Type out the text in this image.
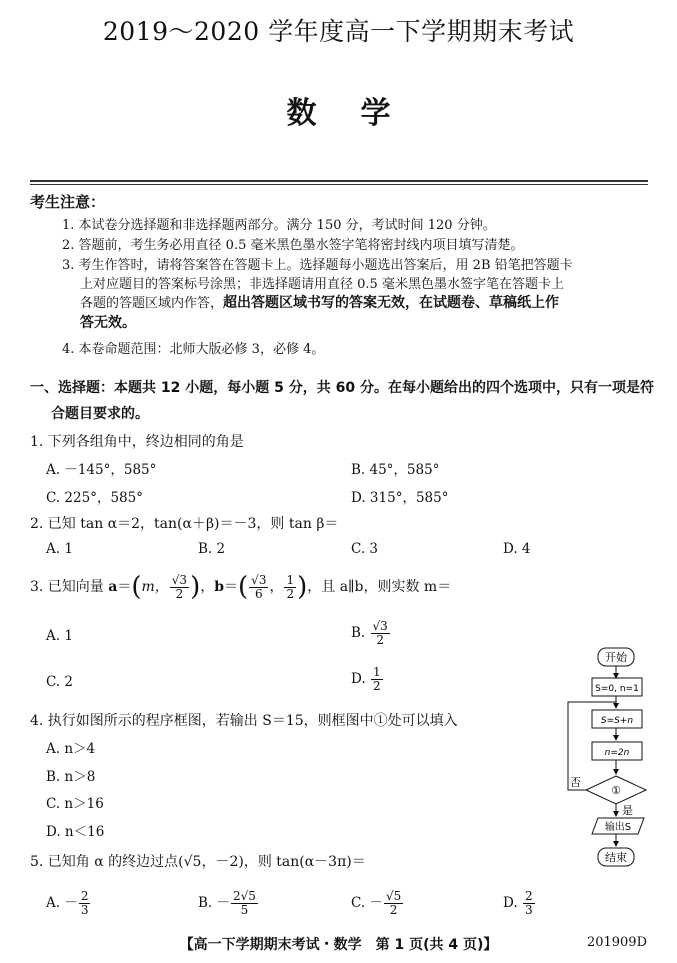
2019～2020 学年度高一下学期期末考试
数学
考生注意：
1. 本试卷分选择题和非选择题两部分。满分 150 分，考试时间 120 分钟。
2. 答题前，考生务必用直径 0.5 毫米黑色墨水签字笔将密封线内项目填写清楚。
3. 考生作答时，请将答案答在答题卡上。选择题每小题选出答案后，用 2B 铅笔把答题卡
上对应题目的答案标号涂黑；非选择题请用直径 0.5 毫米黑色墨水签字笔在答题卡上
各题的答题区域内作答，超出答题区域书写的答案无效，在试题卷、草稿纸上作
答无效。
4. 本卷命题范围：北师大版必修 3，必修 4。
一、选择题：本题共 12 小题，每小题 5 分，共 60 分。在每小题给出的四个选项中，只有一项是符
合题目要求的。
1. 下列各组角中，终边相同的角是
A. －145°，585°	B. 45°，585°
C. 225°，585°	D. 315°，585°
2. 已知 tan α＝2，tan(α＋β)＝－3，则 tan β＝
A. 1	B. 2	C. 3	D. 4
3. 已知向量 a＝(m， $\frac{√3}{2}$ )，$b=( \frac{√3}{6}$ ， $\frac{1}{2}$ )，且 a∥b，则实数 m＝
A. 1	B. $\frac{√3}{2}$
C. 2	D. $\frac{1}{2}$
4. 执行如图所示的程序框图，若输出 S＝15，则框图中①处可以填入
A. n＞4
B. n＞8
C. n＞16
D. n＜16
开始
S=0, n=1
S=S+n
n=2n
①
否
是
输出S
结束
5. 已知角 α 的终边过点(√5，－2)，则 tan(α－3π)＝
A. － $\frac{2}{3}$	B. － $\frac{2√5}{5}$	C. － $\frac{√5}{2}$	D. $\frac{2}{3}$
【高一下学期期末考试・数学　第 1 页(共 4 页)】	201909D
